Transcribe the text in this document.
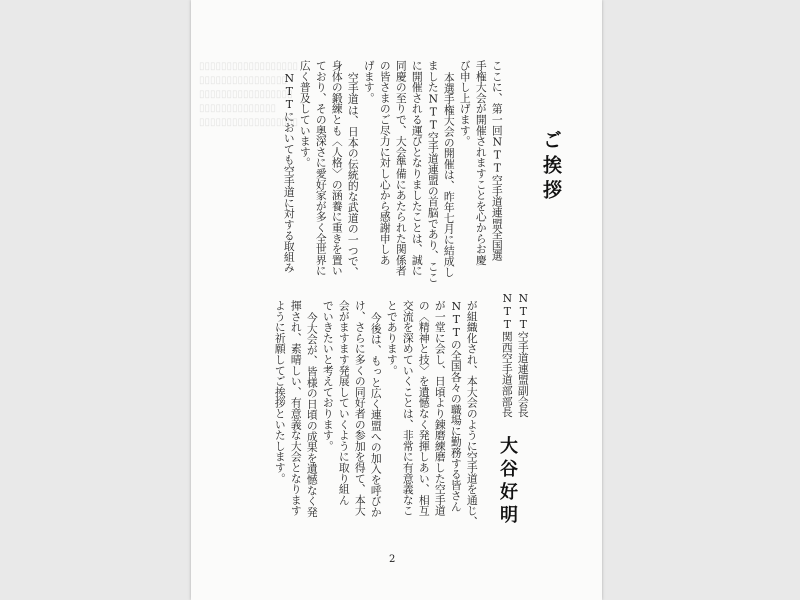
▯▯▯▯▯▯▯▯▯▯▯▯▯▯▯▯▯▯
▯▯▯▯▯▯▯▯▯▯▯▯▯▯▯▯
▯▯▯▯▯▯▯▯▯▯▯▯▯▯▯▯▯
▯▯▯▯▯▯▯▯▯▯▯▯▯▯
▯▯▯▯▯▯▯▯▯▯▯▯▯▯▯▯▯▯
ご挨拶
ここに、第一回NTT空手道連盟全国選
手権大会が開催されますことを心からお慶
び申し上げます。
本選手権大会の開催は、昨年七月に結成し
ましたNTT空手道連盟の首脳であり、ここ
に開催される運びとなりましたことは、誠に
同慶の至りで、大会準備にあたられた関係者
の皆さまのご尽力に対し心から感謝申しあ
げます。
空手道は、日本の伝統的な武道の一つで、
身体の鍛練とも〈人格〉の涵養に重きを置い
ており、その奥深さに愛好家が多く全世界に
広く普及しています。
NTTにおいても空手道に対する取組み
NTT空手道連盟副会長
NTT関西空手道部部長
大谷好明
が組織化され、本大会のように空手道を通じ、
NTTの全国各々の職場に勤務する皆さん
が一堂に会し、日頃より錬磨練磨した空手道
の〈精神と技〉を遺憾なく発揮しあい、相互
交流を深めていくことは、非常に有意義なこ
とであります。
今後は、もっと広く連盟への加入を呼びか
け、さらに多くの同好者の参加を得て、本大
会がますます発展していくように取り組ん
でいきたいと考えております。
今大会が、皆様の日頃の成果を遺憾なく発
揮され、素晴しい、有意義な大会となります
ように祈願してご挨拶といたします。
2
